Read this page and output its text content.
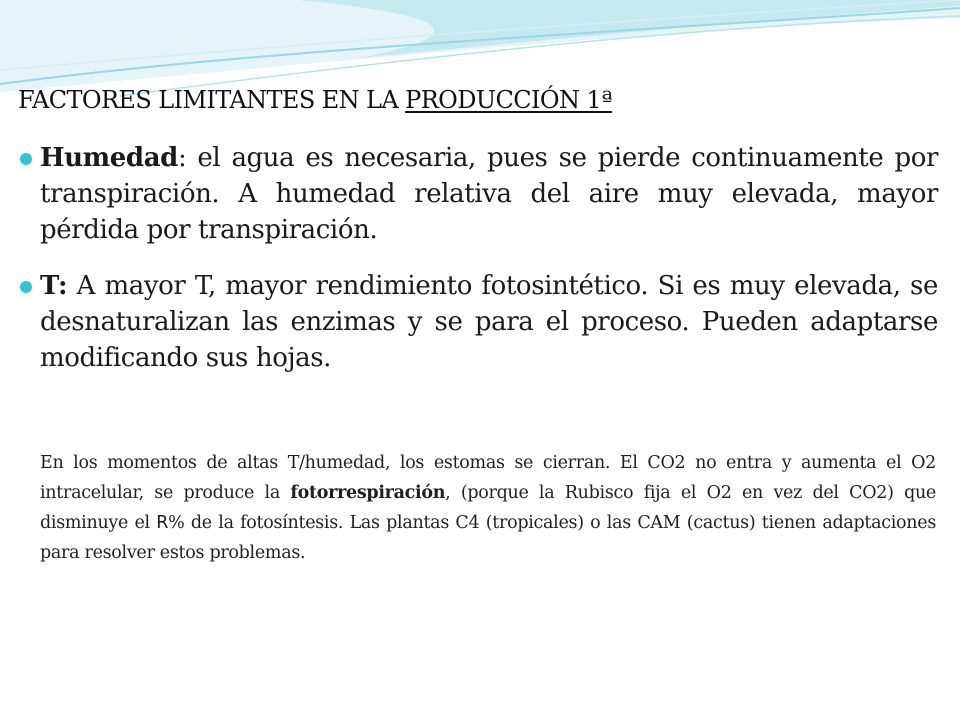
FACTORES LIMITANTES EN LA PRODUCCIÓN 1ª

Humedad: el agua es necesaria, pues se pierde continuamente por transpiración. A humedad relativa del aire muy elevada, mayor pérdida por transpiración.

T: A mayor T, mayor rendimiento fotosintético. Si es muy elevada, se desnaturalizan las enzimas y se para el proceso. Pueden adaptarse modificando sus hojas.

En los momentos de altas T/humedad, los estomas se cierran. El CO2 no entra y aumenta el O2 intracelular, se produce la fotorrespiración, (porque la Rubisco fija el O2 en vez del CO2) que disminuye el R% de la fotosíntesis. Las plantas C4 (tropicales) o las CAM (cactus) tienen adaptaciones para resolver estos problemas.
